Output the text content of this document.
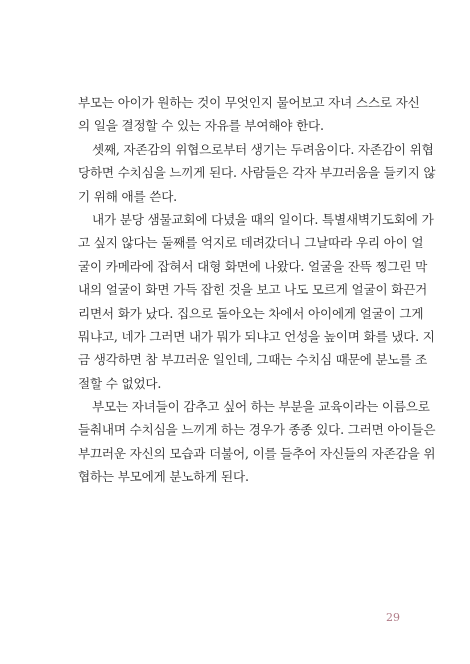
부모는 아이가 원하는 것이 무엇인지 물어보고 자녀 스스로 자신
의 일을 결정할 수 있는 자유를 부여해야 한다.
셋째, 자존감의 위협으로부터 생기는 두려움이다. 자존감이 위협
당하면 수치심을 느끼게 된다. 사람들은 각자 부끄러움을 들키지 않
기 위해 애를 쓴다.
내가 분당 샘물교회에 다녔을 때의 일이다. 특별새벽기도회에 가
고 싶지 않다는 둘째를 억지로 데려갔더니 그날따라 우리 아이 얼
굴이 카메라에 잡혀서 대형 화면에 나왔다. 얼굴을 잔뜩 찡그린 막
내의 얼굴이 화면 가득 잡힌 것을 보고 나도 모르게 얼굴이 화끈거
리면서 화가 났다. 집으로 돌아오는 차에서 아이에게 얼굴이 그게
뭐냐고, 네가 그러면 내가 뭐가 되냐고 언성을 높이며 화를 냈다. 지
금 생각하면 참 부끄러운 일인데, 그때는 수치심 때문에 분노를 조
절할 수 없었다.
부모는 자녀들이 감추고 싶어 하는 부분을 교육이라는 이름으로
들춰내며 수치심을 느끼게 하는 경우가 종종 있다. 그러면 아이들은
부끄러운 자신의 모습과 더불어, 이를 들추어 자신들의 자존감을 위
협하는 부모에게 분노하게 된다.
29
